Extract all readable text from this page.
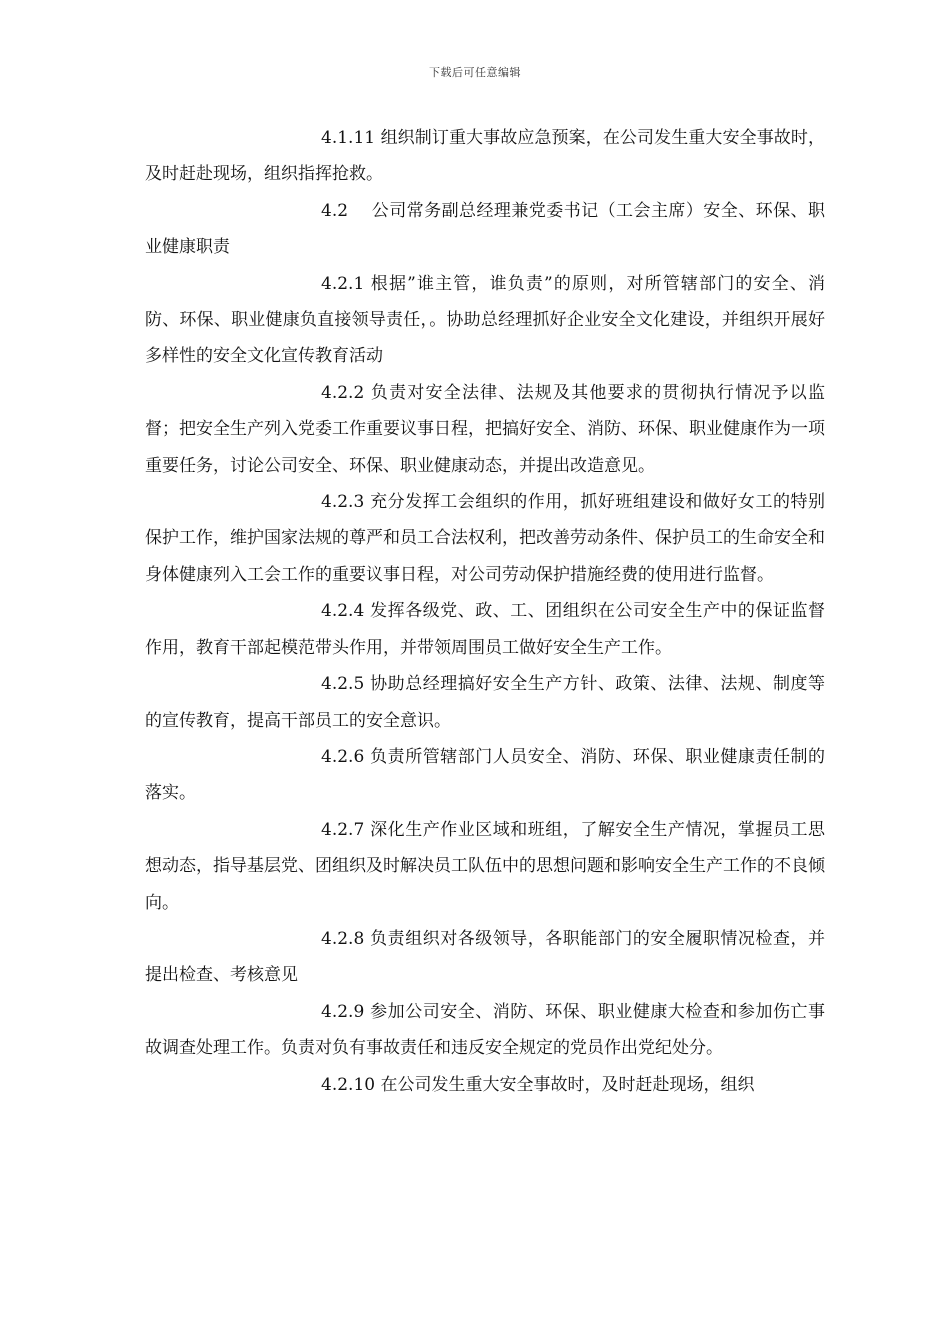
下载后可任意编辑

4.1.11 组织制订重大事故应急预案，在公司发生重大安全事故时，及时赶赴现场，组织指挥抢救。

4.2　 公司常务副总经理兼党委书记（工会主席）安全、环保、职业健康职责

4.2.1 根据”谁主管，谁负责”的原则，对所管辖部门的安全、消防、环保、职业健康负直接领导责任，。协助总经理抓好企业安全文化建设，并组织开展好多样性的安全文化宣传教育活动

4.2.2 负责对安全法律、法规及其他要求的贯彻执行情况予以监督；把安全生产列入党委工作重要议事日程，把搞好安全、消防、环保、职业健康作为一项重要任务，讨论公司安全、环保、职业健康动态，并提出改造意见。

4.2.3 充分发挥工会组织的作用，抓好班组建设和做好女工的特别保护工作，维护国家法规的尊严和员工合法权利，把改善劳动条件、保护员工的生命安全和身体健康列入工会工作的重要议事日程，对公司劳动保护措施经费的使用进行监督。

4.2.4 发挥各级党、政、工、团组织在公司安全生产中的保证监督作用，教育干部起模范带头作用，并带领周围员工做好安全生产工作。

4.2.5 协助总经理搞好安全生产方针、政策、法律、法规、制度等的宣传教育，提高干部员工的安全意识。

4.2.6 负责所管辖部门人员安全、消防、环保、职业健康责任制的落实。

4.2.7 深化生产作业区域和班组，了解安全生产情况，掌握员工思想动态，指导基层党、团组织及时解决员工队伍中的思想问题和影响安全生产工作的不良倾向。

4.2.8 负责组织对各级领导，各职能部门的安全履职情况检查，并提出检查、考核意见

4.2.9 参加公司安全、消防、环保、职业健康大检查和参加伤亡事故调查处理工作。负责对负有事故责任和违反安全规定的党员作出党纪处分。

4.2.10 在公司发生重大安全事故时，及时赶赴现场，组织
